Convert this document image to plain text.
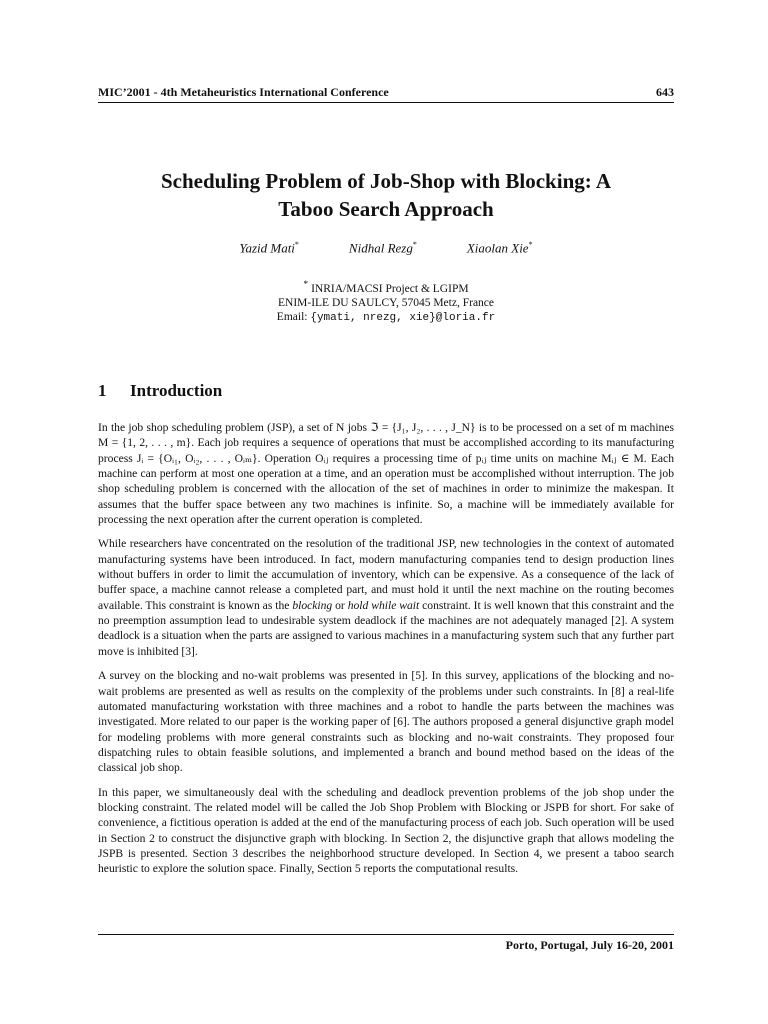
MIC’2001 - 4th Metaheuristics International Conference	643
Scheduling Problem of Job-Shop with Blocking: A
Taboo Search Approach
Yazid Mati*	Nidhal Rezg*	Xiaolan Xie*
* INRIA/MACSI Project & LGIPM
ENIM-ILE DU SAULCY, 57045 Metz, France
Email: {ymati, nrezg, xie}@loria.fr
1 Introduction

In the job shop scheduling problem (JSP), a set of N jobs ℑ = {J₁, J₂, . . . , J_N} is to be processed on a set of m machines M = {1, 2, . . . , m}. Each job requires a sequence of operations that must be accomplished according to its manufacturing process Jᵢ = {Oᵢ₁, Oᵢ₂, . . . , Oᵢₘ}. Operation Oᵢⱼ requires a processing time of pᵢⱼ time units on machine Mᵢⱼ ∈ M. Each machine can perform at most one operation at a time, and an operation must be accomplished without interruption. The job shop scheduling problem is concerned with the allocation of the set of machines in order to minimize the makespan. It assumes that the buffer space between any two machines is infinite. So, a machine will be immediately available for processing the next operation after the current operation is completed.

While researchers have concentrated on the resolution of the traditional JSP, new technologies in the context of automated manufacturing systems have been introduced. In fact, modern manufacturing companies tend to design production lines without buffers in order to limit the accumulation of inventory, which can be expensive. As a consequence of the lack of buffer space, a machine cannot release a completed part, and must hold it until the next machine on the routing becomes available. This constraint is known as the blocking or hold while wait constraint. It is well known that this constraint and the no preemption assumption lead to undesirable system deadlock if the machines are not adequately managed [2]. A system deadlock is a situation when the parts are assigned to various machines in a manufacturing system such that any further part move is inhibited [3].

A survey on the blocking and no-wait problems was presented in [5]. In this survey, applications of the blocking and no-wait problems are presented as well as results on the complexity of the problems under such constraints. In [8] a real-life automated manufacturing workstation with three machines and a robot to handle the parts between the machines was investigated. More related to our paper is the working paper of [6]. The authors proposed a general disjunctive graph model for modeling problems with more general constraints such as blocking and no-wait constraints. They proposed four dispatching rules to obtain feasible solutions, and implemented a branch and bound method based on the ideas of the classical job shop.

In this paper, we simultaneously deal with the scheduling and deadlock prevention problems of the job shop under the blocking constraint. The related model will be called the Job Shop Problem with Blocking or JSPB for short. For sake of convenience, a fictitious operation is added at the end of the manufacturing process of each job. Such operation will be used in Section 2 to construct the disjunctive graph with blocking. In Section 2, the disjunctive graph that allows modeling the JSPB is presented. Section 3 describes the neighborhood structure developed. In Section 4, we present a taboo search heuristic to explore the solution space. Finally, Section 5 reports the computational results.

Porto, Portugal, July 16-20, 2001
